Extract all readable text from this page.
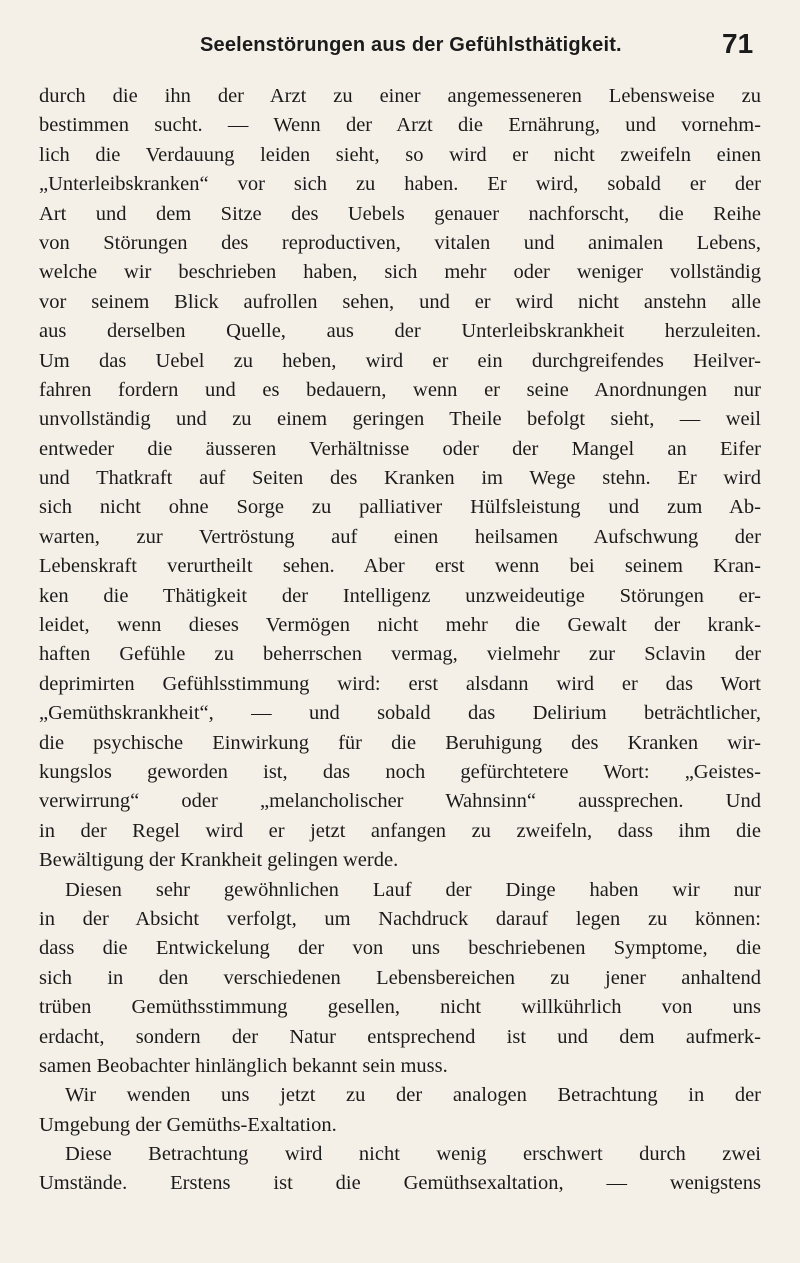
Seelenstörungen aus der Gefühlsthätigkeit.	71
durch die ihn der Arzt zu einer angemesseneren Lebensweise zu
bestimmen sucht. — Wenn der Arzt die Ernährung, und vornehm-
lich die Verdauung leiden sieht, so wird er nicht zweifeln einen
„Unterleibskranken“ vor sich zu haben. Er wird, sobald er der
Art und dem Sitze des Uebels genauer nachforscht, die Reihe
von Störungen des reproductiven, vitalen und animalen Lebens,
welche wir beschrieben haben, sich mehr oder weniger vollständig
vor seinem Blick aufrollen sehen, und er wird nicht anstehn alle
aus derselben Quelle, aus der Unterleibskrankheit herzuleiten.
Um das Uebel zu heben, wird er ein durchgreifendes Heilver-
fahren fordern und es bedauern, wenn er seine Anordnungen nur
unvollständig und zu einem geringen Theile befolgt sieht, — weil
entweder die äusseren Verhältnisse oder der Mangel an Eifer
und Thatkraft auf Seiten des Kranken im Wege stehn. Er wird
sich nicht ohne Sorge zu palliativer Hülfsleistung und zum Ab-
warten, zur Vertröstung auf einen heilsamen Aufschwung der
Lebenskraft verurtheilt sehen. Aber erst wenn bei seinem Kran-
ken die Thätigkeit der Intelligenz unzweideutige Störungen er-
leidet, wenn dieses Vermögen nicht mehr die Gewalt der krank-
haften Gefühle zu beherrschen vermag, vielmehr zur Sclavin der
deprimirten Gefühlsstimmung wird: erst alsdann wird er das Wort
„Gemüthskrankheit“, — und sobald das Delirium beträchtlicher,
die psychische Einwirkung für die Beruhigung des Kranken wir-
kungslos geworden ist, das noch gefürchtetere Wort: „Geistes-
verwirrung“ oder „melancholischer Wahnsinn“ aussprechen. Und
in der Regel wird er jetzt anfangen zu zweifeln, dass ihm die
Bewältigung der Krankheit gelingen werde.
Diesen sehr gewöhnlichen Lauf der Dinge haben wir nur
in der Absicht verfolgt, um Nachdruck darauf legen zu können:
dass die Entwickelung der von uns beschriebenen Symptome, die
sich in den verschiedenen Lebensbereichen zu jener anhaltend
trüben Gemüthsstimmung gesellen, nicht willkührlich von uns
erdacht, sondern der Natur entsprechend ist und dem aufmerk-
samen Beobachter hinlänglich bekannt sein muss.
Wir wenden uns jetzt zu der analogen Betrachtung in der
Umgebung der Gemüths-Exaltation.
Diese Betrachtung wird nicht wenig erschwert durch zwei
Umstände. Erstens ist die Gemüthsexaltation, — wenigstens
